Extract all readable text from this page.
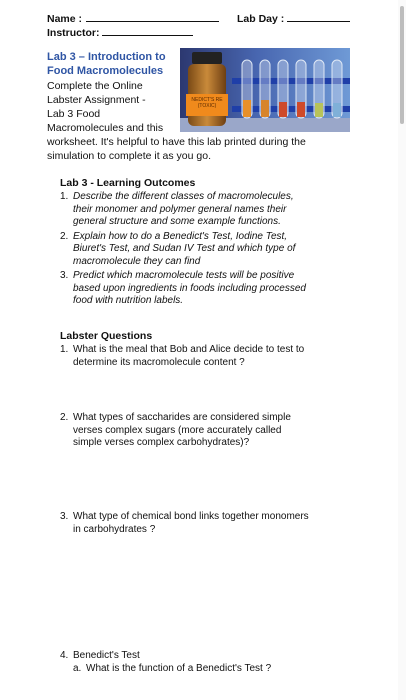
Name :	Lab Day :
Instructor:
Lab 3 – Introduction to
Food Macromolecules
NEDICT'S RE
(TOXIC)
Complete the Online
Labster Assignment -
Lab 3 Food
Macromolecules and this
worksheet. It's helpful to have this lab printed during the
simulation to complete it as you go.
Lab 3 - Learning Outcomes
1. Describe the different classes of macromolecules,
their monomer and polymer general names their
general structure and some example functions.
2. Explain how to do a Benedict's Test, Iodine Test,
Biuret's Test, and Sudan IV Test and which type of
macromolecule they can find
3. Predict which macromolecule tests will be positive
based upon ingredients in foods including processed
food with nutrition labels.
Labster Questions
1. What is the meal that Bob and Alice decide to test to
determine its macromolecule content ?
2. What types of saccharides are considered simple
verses complex sugars (more accurately called
simple verses complex carbohydrates)?
3. What type of chemical bond links together monomers
in carbohydrates ?
4. Benedict's Test
a. What is the function of a Benedict's Test ?
